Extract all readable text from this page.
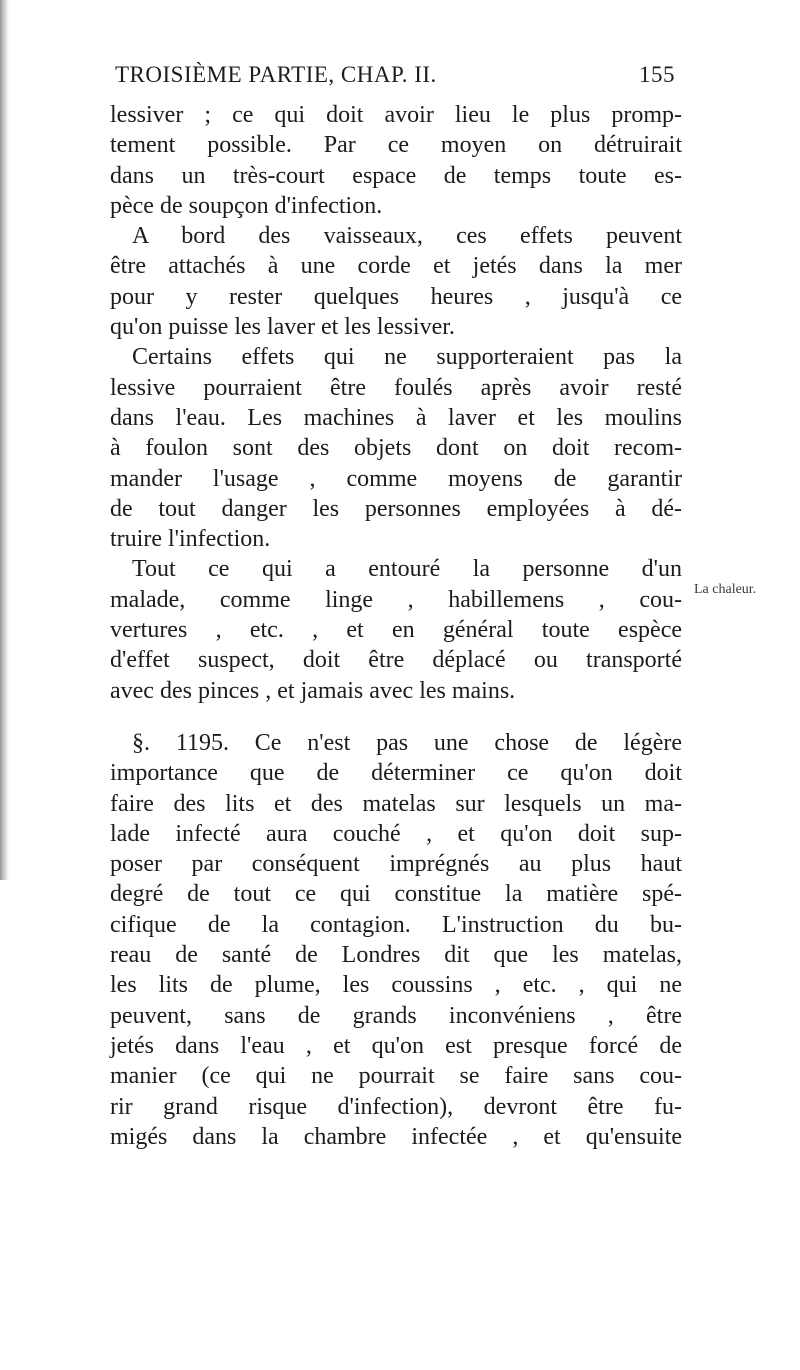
TROISIÈME PARTIE, CHAP. II.	155
lessiver ; ce qui doit avoir lieu le plus promp-
tement possible. Par ce moyen on détruirait
dans un très-court espace de temps toute es-
pèce de soupçon d'infection.
A bord des vaisseaux, ces effets peuvent
être attachés à une corde et jetés dans la mer
pour y rester quelques heures , jusqu'à ce
qu'on puisse les laver et les lessiver.
Certains effets qui ne supporteraient pas la
lessive pourraient être foulés après avoir resté
dans l'eau. Les machines à laver et les moulins
à foulon sont des objets dont on doit recom-
mander l'usage , comme moyens de garantir
de tout danger les personnes employées à dé-
truire l'infection.
Tout ce qui a entouré la personne d'un
malade, comme linge , habillemens , cou-
vertures , etc. , et en général toute espèce
d'effet suspect, doit être déplacé ou transporté
avec des pinces , et jamais avec les mains.
§. 1195. Ce n'est pas une chose de légère
importance que de déterminer ce qu'on doit
faire des lits et des matelas sur lesquels un ma-
lade infecté aura couché , et qu'on doit sup-
poser par conséquent imprégnés au plus haut
degré de tout ce qui constitue la matière spé-
cifique de la contagion. L'instruction du bu-
reau de santé de Londres dit que les matelas,
les lits de plume, les coussins , etc. , qui ne
peuvent, sans de grands inconvéniens , être
jetés dans l'eau , et qu'on est presque forcé de
manier (ce qui ne pourrait se faire sans cou-
rir grand risque d'infection), devront être fu-
migés dans la chambre infectée , et qu'ensuite
La chaleur.
